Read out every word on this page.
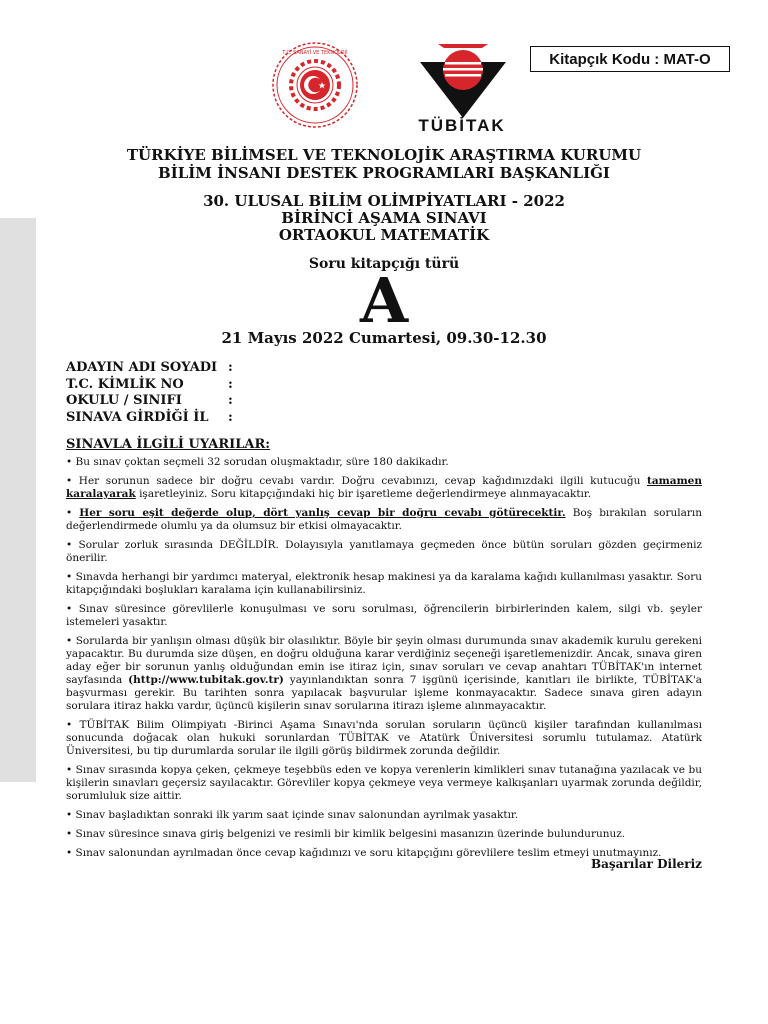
Kitapçık Kodu : MAT-O
T.C. SANAYİ VE TEKNOLOJİ
TÜBİTAK
TÜRKİYE BİLİMSEL VE TEKNOLOJİK ARAŞTIRMA KURUMU
BİLİM İNSANI DESTEK PROGRAMLARI BAŞKANLIĞI
30. ULUSAL BİLİM OLİMPİYATLARI - 2022
BİRİNCİ AŞAMA SINAVI
ORTAOKUL MATEMATİK
Soru kitapçığı türü
A
21 Mayıs 2022 Cumartesi, 09.30-12.30
ADAYIN ADI SOYADI :
T.C. KİMLİK NO	:
OKULU / SINIFI	:
SINAVA GİRDİĞİ İL	:
SINAVLA İLGİLİ UYARILAR:
• Bu sınav çoktan seçmeli 32 sorudan oluşmaktadır, süre 180 dakikadır.
• Her sorunun sadece bir doğru cevabı vardır. Doğru cevabınızı, cevap kağıdınızdaki ilgili kutucuğu tamamen karalayarak işaretleyiniz. Soru kitapçığındaki hiç bir işaretleme değerlendirmeye alınmayacaktır.
• Her soru eşit değerde olup, dört yanlış cevap bir doğru cevabı götürecektir. Boş bırakılan soruların değerlendirmede olumlu ya da olumsuz bir etkisi olmayacaktır.
• Sorular zorluk sırasında DEĞİLDİR. Dolayısıyla yanıtlamaya geçmeden önce bütün soruları gözden geçirmeniz önerilir.
• Sınavda herhangi bir yardımcı materyal, elektronik hesap makinesi ya da karalama kağıdı kullanılması yasaktır. Soru kitapçığındaki boşlukları karalama için kullanabilirsiniz.
• Sınav süresince görevlilerle konuşulması ve soru sorulması, öğrencilerin birbirlerinden kalem, silgi vb. şeyler istemeleri yasaktır.
• Sorularda bir yanlışın olması düşük bir olasılıktır. Böyle bir şeyin olması durumunda sınav akademik kurulu gerekeni yapacaktır. Bu durumda size düşen, en doğru olduğuna karar verdiğiniz seçeneği işaretlemenizdir. Ancak, sınava giren aday eğer bir sorunun yanlış olduğundan emin ise itiraz için, sınav soruları ve cevap anahtarı TÜBİTAK'ın internet sayfasında (http://www.tubitak.gov.tr) yayınlandıktan sonra 7 işgünü içerisinde, kanıtları ile birlikte, TÜBİTAK'a başvurması gerekir. Bu tarihten sonra yapılacak başvurular işleme konmayacaktır. Sadece sınava giren adayın sorulara itiraz hakkı vardır, üçüncü kişilerin sınav sorularına itirazı işleme alınmayacaktır.
• TÜBİTAK Bilim Olimpiyatı -Birinci Aşama Sınavı'nda sorulan soruların üçüncü kişiler tarafından kullanılması sonucunda doğacak olan hukuki sorunlardan TÜBİTAK ve Atatürk Üniversitesi sorumlu tutulamaz. Atatürk Üniversitesi, bu tip durumlarda sorular ile ilgili görüş bildirmek zorunda değildir.
• Sınav sırasında kopya çeken, çekmeye teşebbüs eden ve kopya verenlerin kimlikleri sınav tutanağına yazılacak ve bu kişilerin sınavları geçersiz sayılacaktır. Görevliler kopya çekmeye veya vermeye kalkışanları uyarmak zorunda değildir, sorumluluk size aittir.
• Sınav başladıktan sonraki ilk yarım saat içinde sınav salonundan ayrılmak yasaktır.
• Sınav süresince sınava giriş belgenizi ve resimli bir kimlik belgesini masanızın üzerinde bulundurunuz.
• Sınav salonundan ayrılmadan önce cevap kağıdınızı ve soru kitapçığını görevlilere teslim etmeyi unutmayınız.
Başarılar Dileriz
